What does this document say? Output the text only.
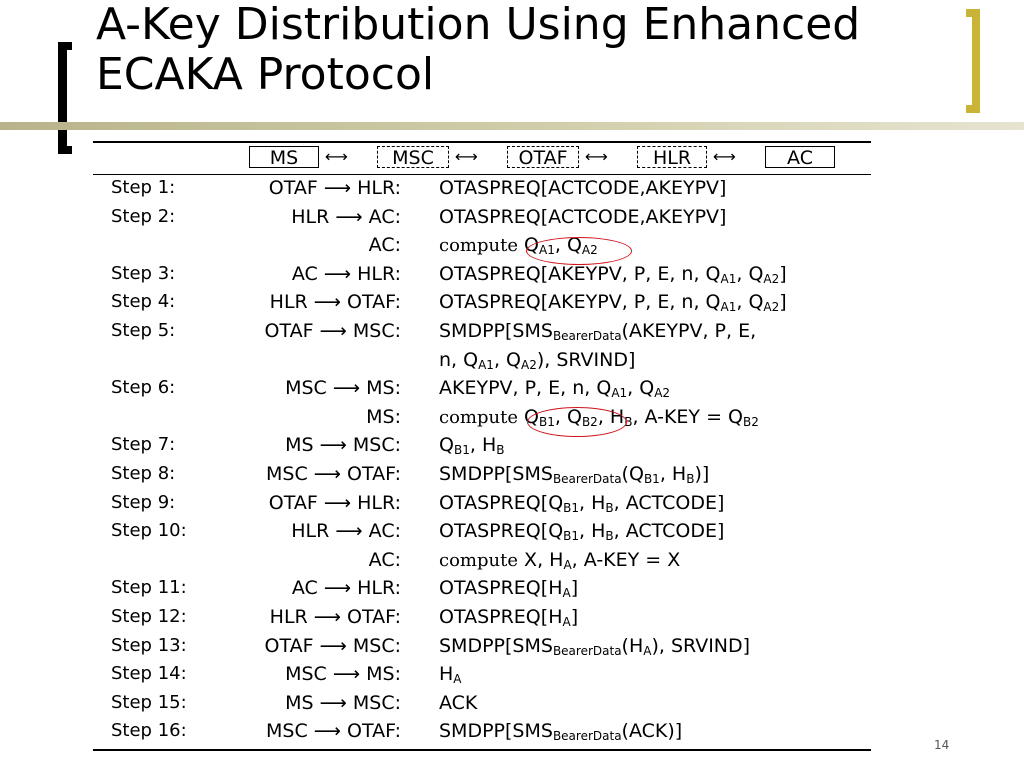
A-Key Distribution Using Enhanced
ECAKA Protocol
MS	⟷	MSC	⟷	OTAF	⟷	HLR	⟷	AC
Step 1:	OTAF ⟶ HLR: OTASPREQ[ACTCODE,AKEYPV]
Step 2:	HLR ⟶ AC: OTASPREQ[ACTCODE,AKEYPV]
AC: compute $Q_{A1}$, $Q_{A2}$
Step 3:	AC ⟶ HLR: OTASPREQ[AKEYPV, P, E, n, $Q_{A1}$, $Q_{A2}$]
Step 4:	HLR ⟶ OTAF: OTASPREQ[AKEYPV, P, E, n, $Q_{A1}$, $Q_{A2}$]
Step 5:	OTAF ⟶ MSC: $SMDPP[SMS_{BearerData}(AKEYPV$, P, E,
n, $Q_{A1}$, $Q_{A2}$), SRVIND]
Step 6:	MSC ⟶ MS: AKEYPV, P, E, n, $Q_{A1}$, $Q_{A2}$
MS: compute $Q_{B1}$, $Q_{B2}$, $H_B$, $A-KEY = Q_{B2}$
Step 7:	MS ⟶ MSC: $Q_{B1}$, $H_B$
Step 8:	MSC ⟶ OTAF: $SMDPP[SMS_{BearerData}(Q_{B1}$, $H_B$)]
Step 9:	OTAF ⟶ HLR: $OTASPREQ[Q_{B1}$, $H_B$, ACTCODE]
Step 10:	HLR ⟶ AC: $OTASPREQ[Q_{B1}$, $H_B$, ACTCODE]
AC: compute X, $H_A$, A-KEY = X
Step 11:	AC ⟶ HLR: $OTASPREQ[H_A]$
Step 12:	HLR ⟶ OTAF: $OTASPREQ[H_A]$
Step 13:	OTAF ⟶ MSC: $SMDPP[SMS_{BearerData}(H_A)$, SRVIND]
Step 14:	MSC ⟶ MS: $H_A$
Step 15:	MS ⟶ MSC: ACK
Step 16:	MSC ⟶ OTAF: $SMDPP[SMS_{BearerData}(ACK)]$
14
